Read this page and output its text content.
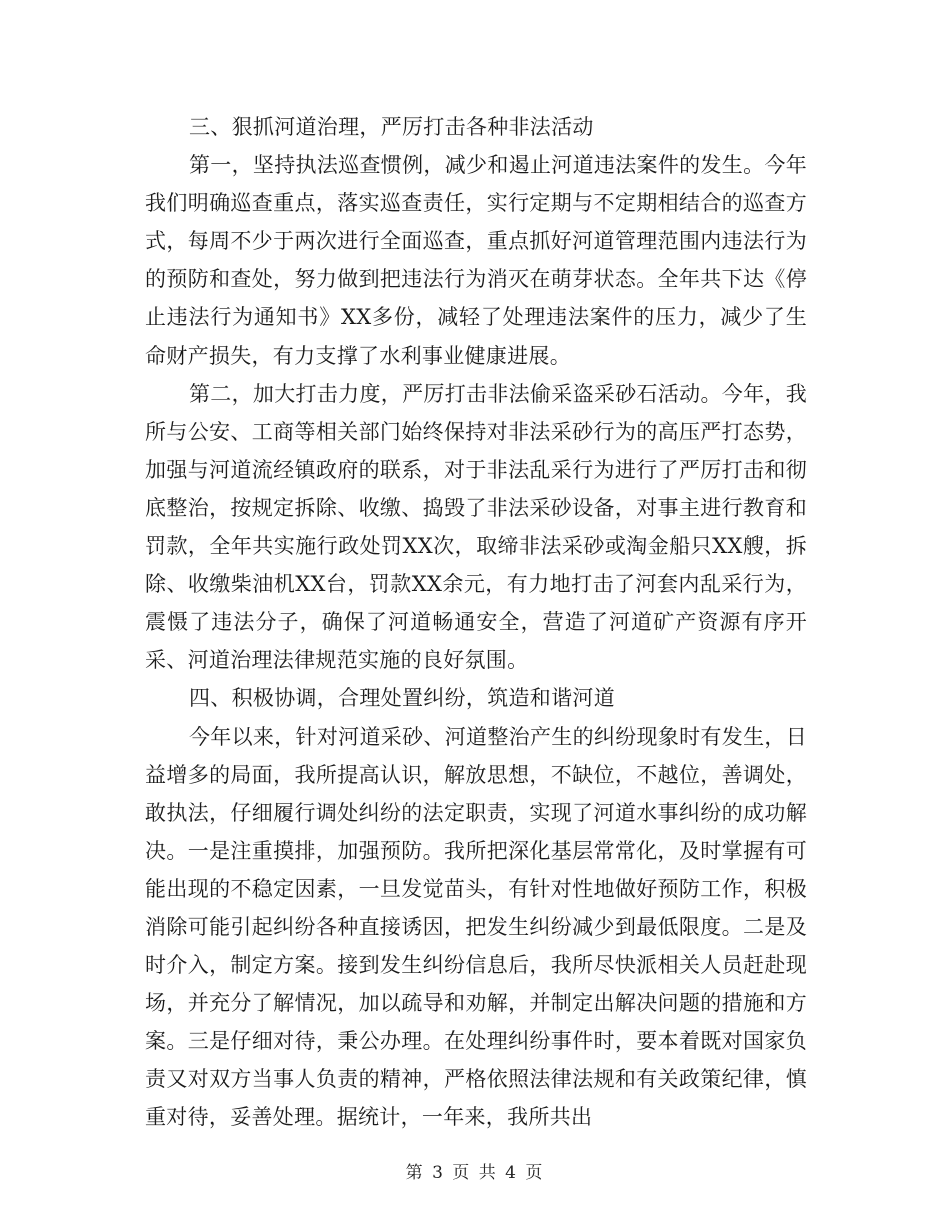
三、狠抓河道治理，严厉打击各种非法活动

第一，坚持执法巡查惯例，减少和遏止河道违法案件的发生。今年我们明确巡查重点，落实巡查责任，实行定期与不定期相结合的巡查方式，每周不少于两次进行全面巡查，重点抓好河道管理范围内违法行为的预防和查处，努力做到把违法行为消灭在萌芽状态。全年共下达《停止违法行为通知书》XX多份，减轻了处理违法案件的压力，减少了生命财产损失，有力支撑了水利事业健康进展。

第二，加大打击力度，严厉打击非法偷采盗采砂石活动。今年，我所与公安、工商等相关部门始终保持对非法采砂行为的高压严打态势，加强与河道流经镇政府的联系，对于非法乱采行为进行了严厉打击和彻底整治，按规定拆除、收缴、捣毁了非法采砂设备，对事主进行教育和罚款，全年共实施行政处罚XX次，取缔非法采砂或淘金船只XX艘，拆除、收缴柴油机XX台，罚款XX余元，有力地打击了河套内乱采行为，震慑了违法分子，确保了河道畅通安全，营造了河道矿产资源有序开采、河道治理法律规范实施的良好氛围。

四、积极协调，合理处置纠纷，筑造和谐河道

今年以来，针对河道采砂、河道整治产生的纠纷现象时有发生，日益增多的局面，我所提高认识，解放思想，不缺位，不越位，善调处，敢执法，仔细履行调处纠纷的法定职责，实现了河道水事纠纷的成功解决。一是注重摸排，加强预防。我所把深化基层常常化，及时掌握有可能出现的不稳定因素，一旦发觉苗头，有针对性地做好预防工作，积极消除可能引起纠纷各种直接诱因，把发生纠纷减少到最低限度。二是及时介入，制定方案。接到发生纠纷信息后，我所尽快派相关人员赶赴现场，并充分了解情况，加以疏导和劝解，并制定出解决问题的措施和方案。三是仔细对待，秉公办理。在处理纠纷事件时，要本着既对国家负责又对双方当事人负责的精神，严格依照法律法规和有关政策纪律，慎重对待，妥善处理。据统计，一年来，我所共出

第 3 页 共 4 页
